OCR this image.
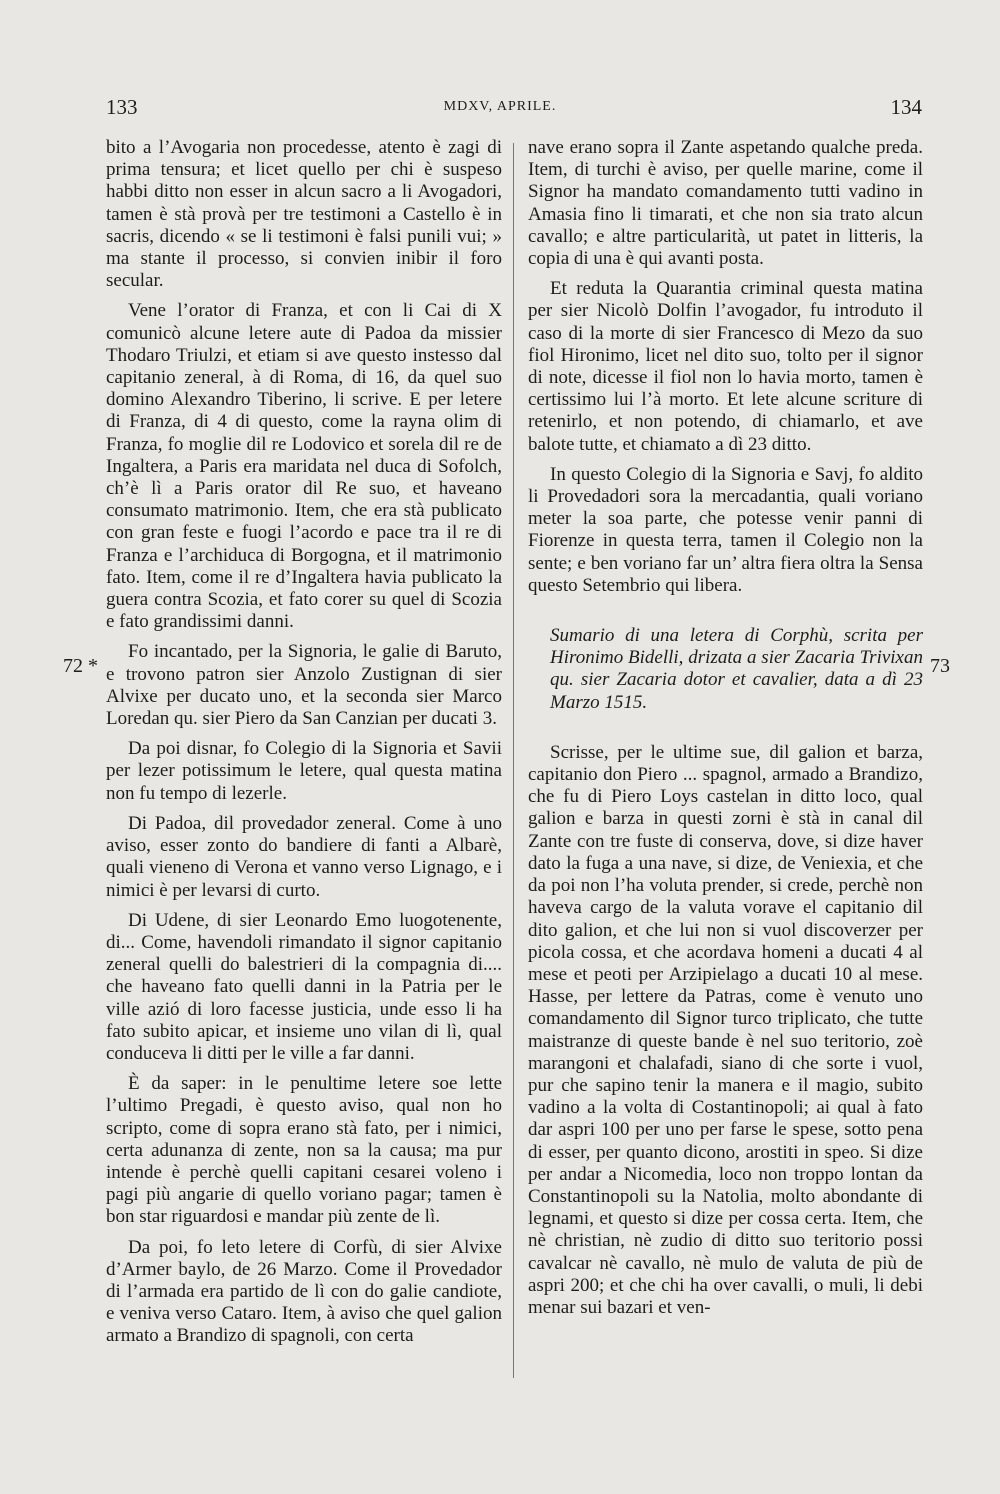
133	MDXV, APRILE.	134
72 *	73

bito a l’Avogaria non procedesse, atento è zagi di prima tensura; et licet quello per chi è suspeso habbi ditto non esser in alcun sacro a li Avogadori, tamen è stà provà per tre testimoni a Castello è in sacris, dicendo « se li testimoni è falsi punili vui; » ma stante il processo, si convien inibir il foro secular.

Vene l’orator di Franza, et con li Cai di X comunicò alcune letere aute di Padoa da missier Thodaro Triulzi, et etiam si ave questo instesso dal capitanio zeneral, à di Roma, di 16, da quel suo domino Alexandro Tiberino, li scrive. E per letere di Franza, di 4 di questo, come la rayna olim di Franza, fo moglie dil re Lodovico et sorela dil re de Ingaltera, a Paris era maridata nel duca di Sofolch, ch’è lì a Paris orator dil Re suo, et haveano consumato matrimonio. Item, che era stà publicato con gran feste e fuogi l’acordo e pace tra il re di Franza e l’archiduca di Borgogna, et il matrimonio fato. Item, come il re d’Ingaltera havia publicato la guera contra Scozia, et fato corer su quel di Scozia e fato grandissimi danni.

Fo incantado, per la Signoria, le galie di Baruto, e trovono patron sier Anzolo Zustignan di sier Alvixe per ducato uno, et la seconda sier Marco Loredan qu. sier Piero da San Canzian per ducati 3.

Da poi disnar, fo Colegio di la Signoria et Savii per lezer potissimum le letere, qual questa matina non fu tempo di lezerle.

Di Padoa, dil provedador zeneral. Come à uno aviso, esser zonto do bandiere di fanti a Albarè, quali vieneno di Verona et vanno verso Lignago, e i nimici è per levarsi di curto.

Di Udene, di sier Leonardo Emo luogotenente, di... Come, havendoli rimandato il signor capitanio zeneral quelli do balestrieri di la compagnia di.... che haveano fato quelli danni in la Patria per le ville azió di loro facesse justicia, unde esso li ha fato subito apicar, et insieme uno vilan di lì, qual conduceva li ditti per le ville a far danni.

È da saper: in le penultime letere soe lette l’ultimo Pregadi, è questo aviso, qual non ho scripto, come di sopra erano stà fato, per i nimici, certa adunanza di zente, non sa la causa; ma pur intende è perchè quelli capitani cesarei voleno i pagi più angarie di quello voriano pagar; tamen è bon star riguardosi e mandar più zente de lì.

Da poi, fo leto letere di Corfù, di sier Alvixe d’Armer baylo, de 26 Marzo. Come il Provedador di l’armada era partido de lì con do galie candiote, e veniva verso Cataro. Item, à aviso che quel galion armato a Brandizo di spagnoli, con certa

nave erano sopra il Zante aspetando qualche preda. Item, di turchi è aviso, per quelle marine, come il Signor ha mandato comandamento tutti vadino in Amasia fino li timarati, et che non sia trato alcun cavallo; e altre particularità, ut patet in litteris, la copia di una è qui avanti posta.

Et reduta la Quarantia criminal questa matina per sier Nicolò Dolfin l’avogador, fu introduto il caso di la morte di sier Francesco di Mezo da suo fiol Hironimo, licet nel dito suo, tolto per il signor di note, dicesse il fiol non lo havia morto, tamen è certissimo lui l’à morto. Et lete alcune scriture di retenirlo, et non potendo, di chiamarlo, et ave balote tutte, et chiamato a dì 23 ditto.

In questo Colegio di la Signoria e Savj, fo aldito li Provedadori sora la mercadantia, quali voriano meter la soa parte, che potesse venir panni di Fiorenze in questa terra, tamen il Colegio non la sente; e ben voriano far un’ altra fiera oltra la Sensa questo Setembrio qui libera.

Sumario di una letera di Corphù, scrita per Hironimo Bidelli, drizata a sier Zacaria Trivixan qu. sier Zacaria dotor et cavalier, data a dì 23 Marzo 1515.

Scrisse, per le ultime sue, dil galion et barza, capitanio don Piero ... spagnol, armado a Brandizo, che fu di Piero Loys castelan in ditto loco, qual galion e barza in questi zorni è stà in canal dil Zante con tre fuste di conserva, dove, si dize haver dato la fuga a una nave, si dize, de Veniexia, et che da poi non l’ha voluta prender, si crede, perchè non haveva cargo de la valuta vorave el capitanio dil dito galion, et che lui non si vuol discoverzer per picola cossa, et che acordava homeni a ducati 4 al mese et peoti per Arzipielago a ducati 10 al mese. Hasse, per lettere da Patras, come è venuto uno comandamento dil Signor turco triplicato, che tutte maistranze di queste bande è nel suo teritorio, zoè marangoni et chalafadi, siano di che sorte i vuol, pur che sapino tenir la manera e il magio, subito vadino a la volta di Costantinopoli; ai qual à fato dar aspri 100 per uno per farse le spese, sotto pena di esser, per quanto dicono, arostiti in speo. Si dize per andar a Nicomedia, loco non troppo lontan da Constantinopoli su la Natolia, molto abondante di legnami, et questo si dize per cossa certa. Item, che nè christian, nè zudio di ditto suo teritorio possi cavalcar nè cavallo, nè mulo de valuta de più de aspri 200; et che chi ha over cavalli, o muli, li debi menar sui bazari et ven-
